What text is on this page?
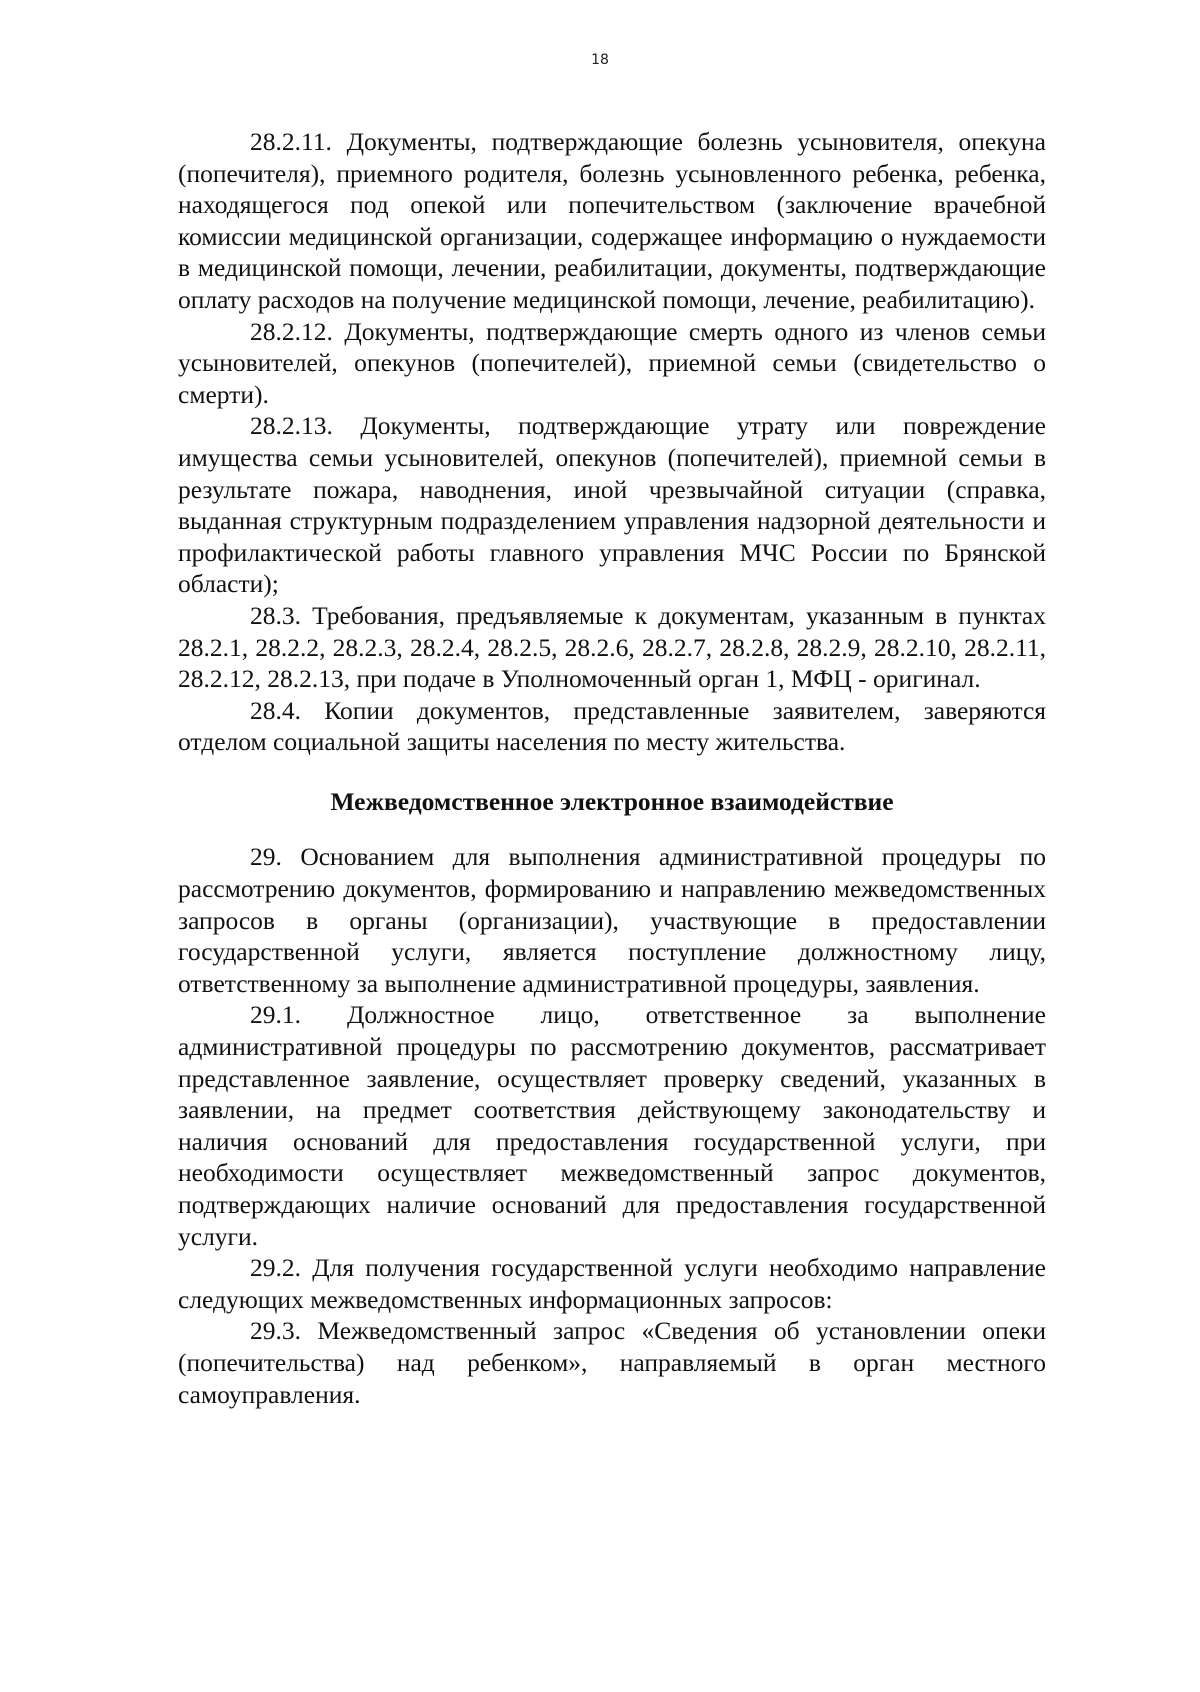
18

28.2.11. Документы, подтверждающие болезнь усыновителя, опекуна (попечителя), приемного родителя, болезнь усыновленного ребенка, ребенка, находящегося под опекой или попечительством (заключение врачебной комиссии медицинской организации, содержащее информацию о нуждаемости в медицинской помощи, лечении, реабилитации, документы, подтверждающие оплату расходов на получение медицинской помощи, лечение, реабилитацию).

28.2.12. Документы, подтверждающие смерть одного из членов семьи усыновителей, опекунов (попечителей), приемной семьи (свидетельство о смерти).

28.2.13. Документы, подтверждающие утрату или повреждение имущества семьи усыновителей, опекунов (попечителей), приемной семьи в результате пожара, наводнения, иной чрезвычайной ситуации (справка, выданная структурным подразделением управления надзорной деятельности и профилактической работы главного управления МЧС России по Брянской области);

28.3. Требования, предъявляемые к документам, указанным в пунктах 28.2.1, 28.2.2, 28.2.3, 28.2.4, 28.2.5, 28.2.6, 28.2.7, 28.2.8, 28.2.9, 28.2.10, 28.2.11, 28.2.12, 28.2.13, при подаче в Уполномоченный орган 1, МФЦ - оригинал.

28.4. Копии документов, представленные заявителем, заверяются отделом социальной защиты населения по месту жительства.

Межведомственное электронное взаимодействие

29. Основанием для выполнения административной процедуры по рассмотрению документов, формированию и направлению межведомственных запросов в органы (организации), участвующие в предоставлении государственной услуги, является поступление должностному лицу, ответственному за выполнение административной процедуры, заявления.

29.1. Должностное лицо, ответственное за выполнение административной процедуры по рассмотрению документов, рассматривает представленное заявление, осуществляет проверку сведений, указанных в заявлении, на предмет соответствия действующему законодательству и наличия оснований для предоставления государственной услуги, при необходимости осуществляет межведомственный запрос документов, подтверждающих наличие оснований для предоставления государственной услуги.

29.2. Для получения государственной услуги необходимо направление следующих межведомственных информационных запросов:

29.3. Межведомственный запрос «Сведения об установлении опеки (попечительства) над ребенком», направляемый в орган местного самоуправления.
